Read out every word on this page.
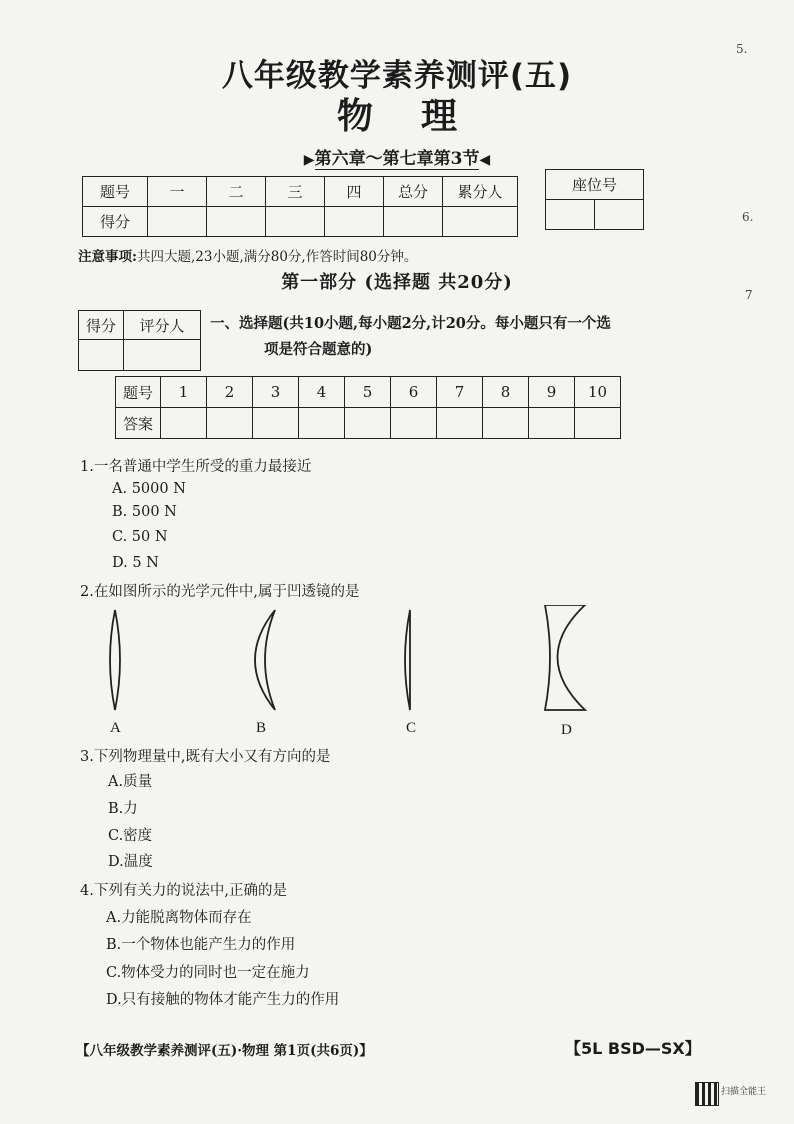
八年级教学素养测评(五)
物理
▶第六章～第七章第3节◀
题号	一	二	三	四	总分	累分人
得分						
座位号

注意事项:共四大题,23小题,满分80分,作答时间80分钟。
第一部分 (选择题 共20分)
得分	评分人
	一、选择题(共10小题,每小题2分,计20分。每小题只有一个选
项是符合题意的)
题号	1	2	3	4	5	6	7	8	9	10
答案										
1.一名普通中学生所受的重力最接近
A. 5000 N
B. 500 N
C. 50 N
D. 5 N
2.在如图所示的光学元件中,属于凹透镜的是
A	B	C	D
3.下列物理量中,既有大小又有方向的是
A.质量
B.力
C.密度
D.温度
4.下列有关力的说法中,正确的是
A.力能脱离物体而存在
B.一个物体也能产生力的作用
C.物体受力的同时也一定在施力
D.只有接触的物体才能产生力的作用
【八年级教学素养测评(五)·物理 第1页(共6页)】	【5L BSD—SX】
5.
6.
7
扫描全能王
